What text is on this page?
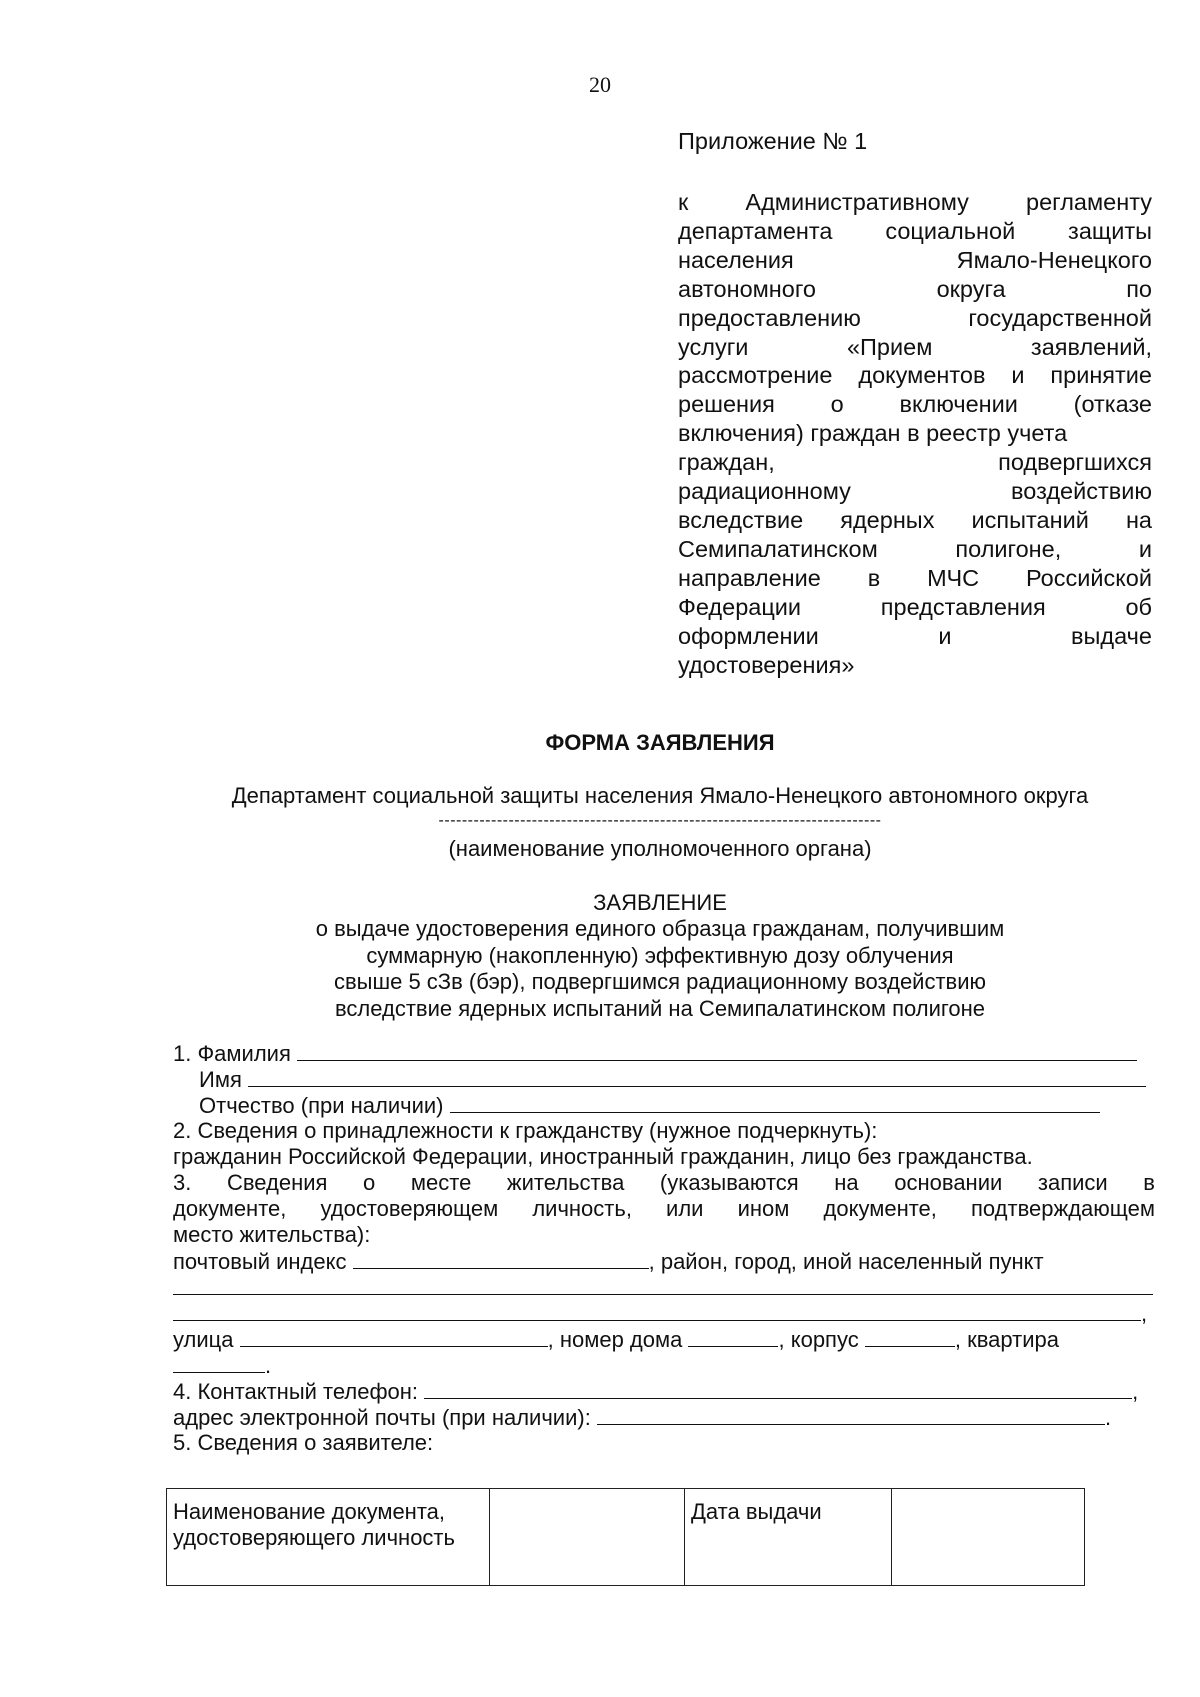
20
Приложение № 1
к Административному регламенту
департамента социальной защиты
населения Ямало-Ненецкого
автономного округа по
предоставлению государственной
услуги «Прием заявлений,
рассмотрение документов и принятие
решения о включении (отказе
включения) граждан в реестр учета
граждан, подвергшихся
радиационному воздействию
вследствие ядерных испытаний на
Семипалатинском полигоне, и
направление в МЧС Российской
Федерации представления об
оформлении и выдаче
удостоверения»
ФОРМА ЗАЯВЛЕНИЯ
Департамент социальной защиты населения Ямало-Ненецкого автономного округа
----------------------------------------------------------------------------
(наименование уполномоченного органа)
ЗАЯВЛЕНИЕ
о выдаче удостоверения единого образца гражданам, получившим
суммарную (накопленную) эффективную дозу облучения
свыше 5 сЗв (бэр), подвергшимся радиационному воздействию
вследствие ядерных испытаний на Семипалатинском полигоне
1. Фамилия
Имя
Отчество (при наличии)
2. Сведения о принадлежности к гражданству (нужное подчеркнуть):
гражданин Российской Федерации, иностранный гражданин, лицо без гражданства.
3. Сведения о месте жительства (указываются на основании записи в
документе, удостоверяющем личность, или ином документе, подтверждающем
место жительства):
почтовый индекс	, район, город, иной населенный пункт
,
улица	, номер дома	, корпус	, квартира
.
4. Контактный телефон:	,
адрес электронной почты (при наличии):	.
5. Сведения о заявителе:
Наименование документа, удостоверяющего личность		Дата выдачи	
